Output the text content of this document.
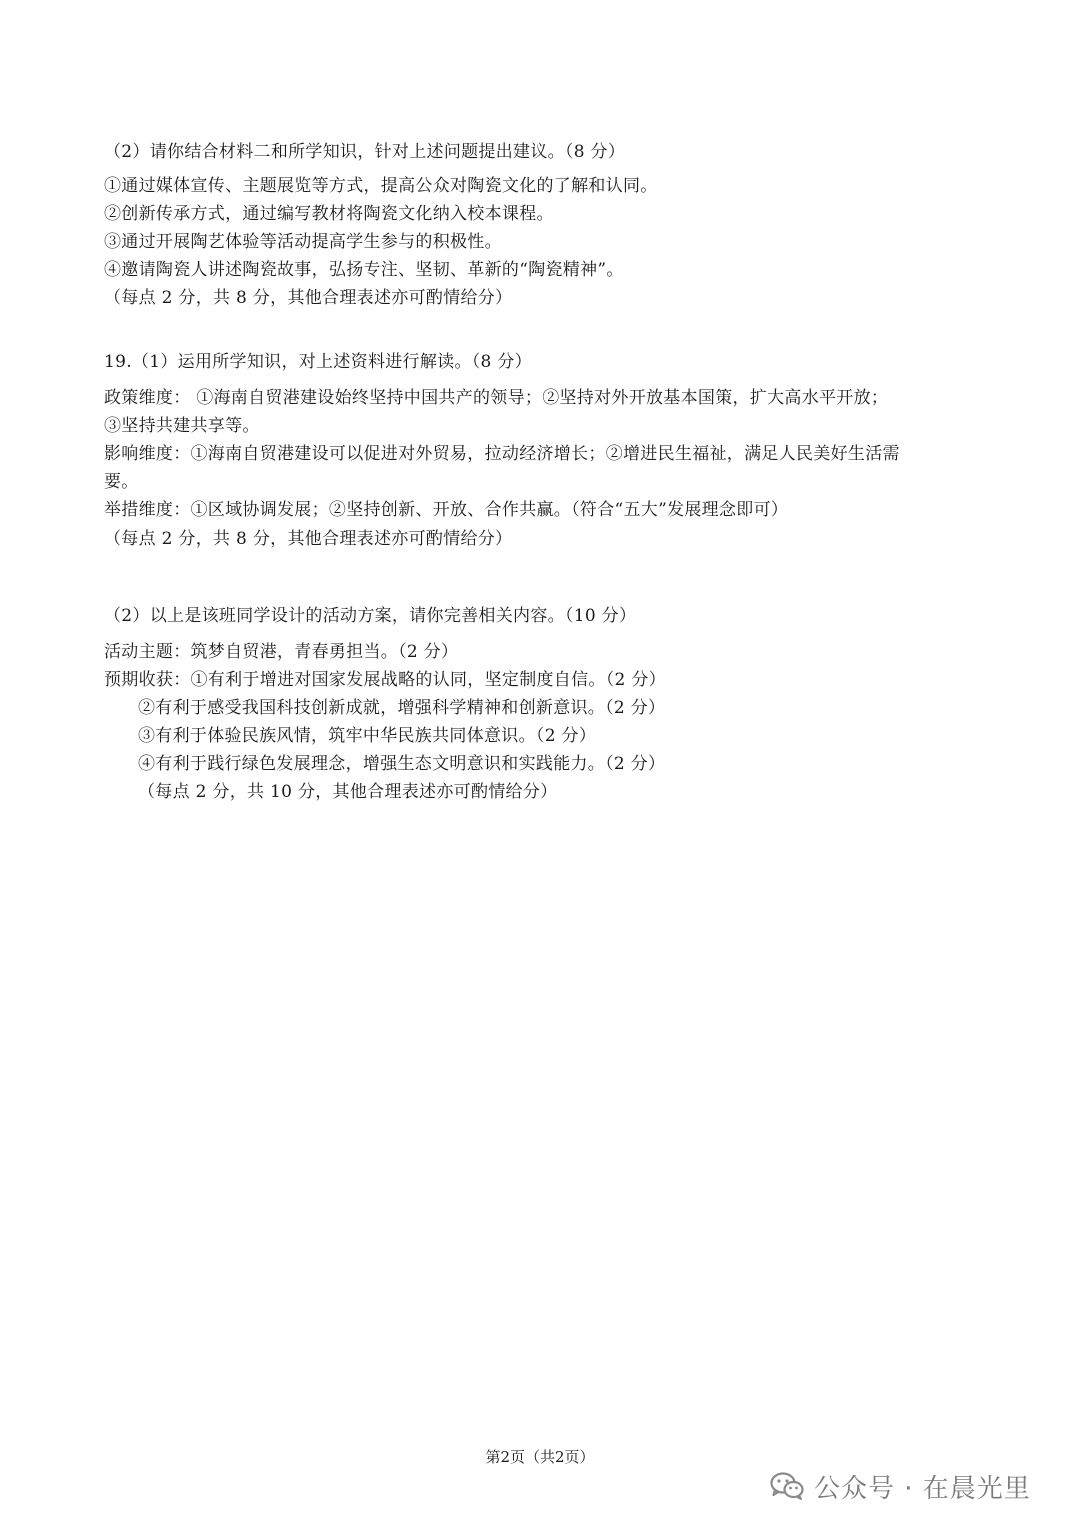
（2）请你结合材料二和所学知识，针对上述问题提出建议。（8 分）
①通过媒体宣传、主题展览等方式，提高公众对陶瓷文化的了解和认同。
②创新传承方式，通过编写教材将陶瓷文化纳入校本课程。
③通过开展陶艺体验等活动提高学生参与的积极性。
④邀请陶瓷人讲述陶瓷故事，弘扬专注、坚韧、革新的“陶瓷精神”。
（每点 2 分，共 8 分，其他合理表述亦可酌情给分）
19.（1）运用所学知识，对上述资料进行解读。（8 分）
政策维度： ①海南自贸港建设始终坚持中国共产的领导；②坚持对外开放基本国策，扩大高水平开放；
③坚持共建共享等。
影响维度：①海南自贸港建设可以促进对外贸易，拉动经济增长；②增进民生福祉，满足人民美好生活需
要。
举措维度：①区域协调发展；②坚持创新、开放、合作共赢。（符合“五大”发展理念即可）
（每点 2 分，共 8 分，其他合理表述亦可酌情给分）
（2）以上是该班同学设计的活动方案，请你完善相关内容。（10 分）
活动主题：筑梦自贸港，青春勇担当。（2 分）
预期收获：①有利于增进对国家发展战略的认同，坚定制度自信。（2 分）
②有利于感受我国科技创新成就，增强科学精神和创新意识。（2 分）
③有利于体验民族风情，筑牢中华民族共同体意识。（2 分）
④有利于践行绿色发展理念，增强生态文明意识和实践能力。（2 分）
（每点 2 分，共 10 分，其他合理表述亦可酌情给分）
第2页（共2页）
公众号 · 在晨光里
